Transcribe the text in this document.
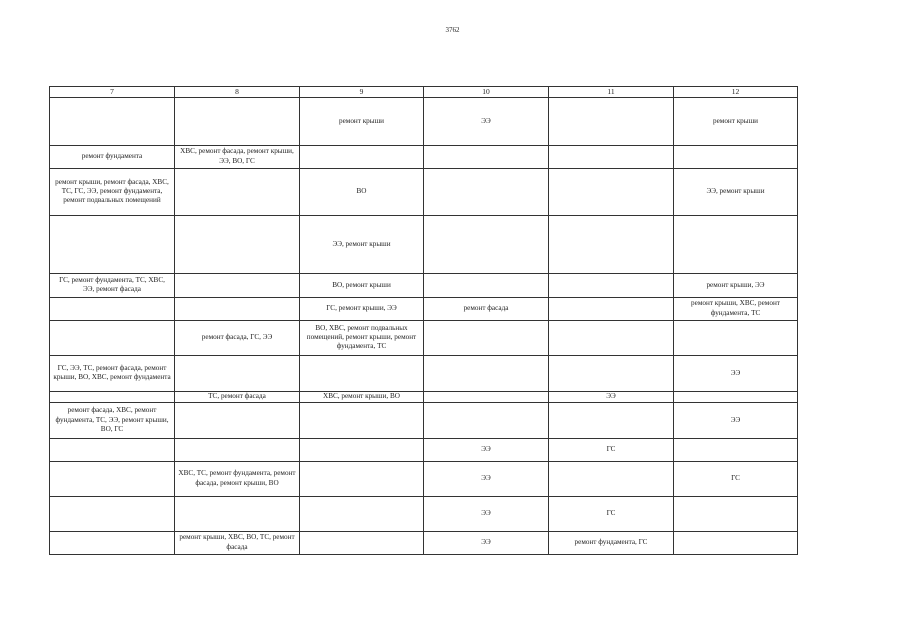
3762
7	8	9	10	11	12
		ремонт крыши	ЭЭ		ремонт крыши
ремонт фундамента	ХВС, ремонт фасада, ремонт крыши, ЭЭ, ВО, ГС				
ремонт крыши, ремонт фасада, ХВС, ТС, ГС, ЭЭ, ремонт фундамента, ремонт подвальных помещений		ВО			ЭЭ, ремонт крыши
		ЭЭ, ремонт крыши			
ГС, ремонт фундамента, ТС, ХВС, ЭЭ, ремонт фасада		ВО, ремонт крыши			ремонт крыши, ЭЭ
		ГС, ремонт крыши, ЭЭ	ремонт фасада		ремонт крыши, ХВС, ремонт фундамента, ТС
	ремонт фасада, ГС, ЭЭ	ВО, ХВС, ремонт подвальных помещений, ремонт крыши, ремонт фундамента, ТС			
ГС, ЭЭ, ТС, ремонт фасада, ремонт крыши, ВО, ХВС, ремонт фундамента					ЭЭ
	ТС, ремонт фасада	ХВС, ремонт крыши, ВО		ЭЭ	
ремонт фасада, ХВС, ремонт фундамента, ТС, ЭЭ, ремонт крыши, ВО, ГС					ЭЭ
			ЭЭ	ГС	
	ХВС, ТС, ремонт фундамента, ремонт фасада, ремонт крыши, ВО		ЭЭ		ГС
			ЭЭ	ГС	
	ремонт крыши, ХВС, ВО, ТС, ремонт фасада		ЭЭ	ремонт фундамента, ГС	
